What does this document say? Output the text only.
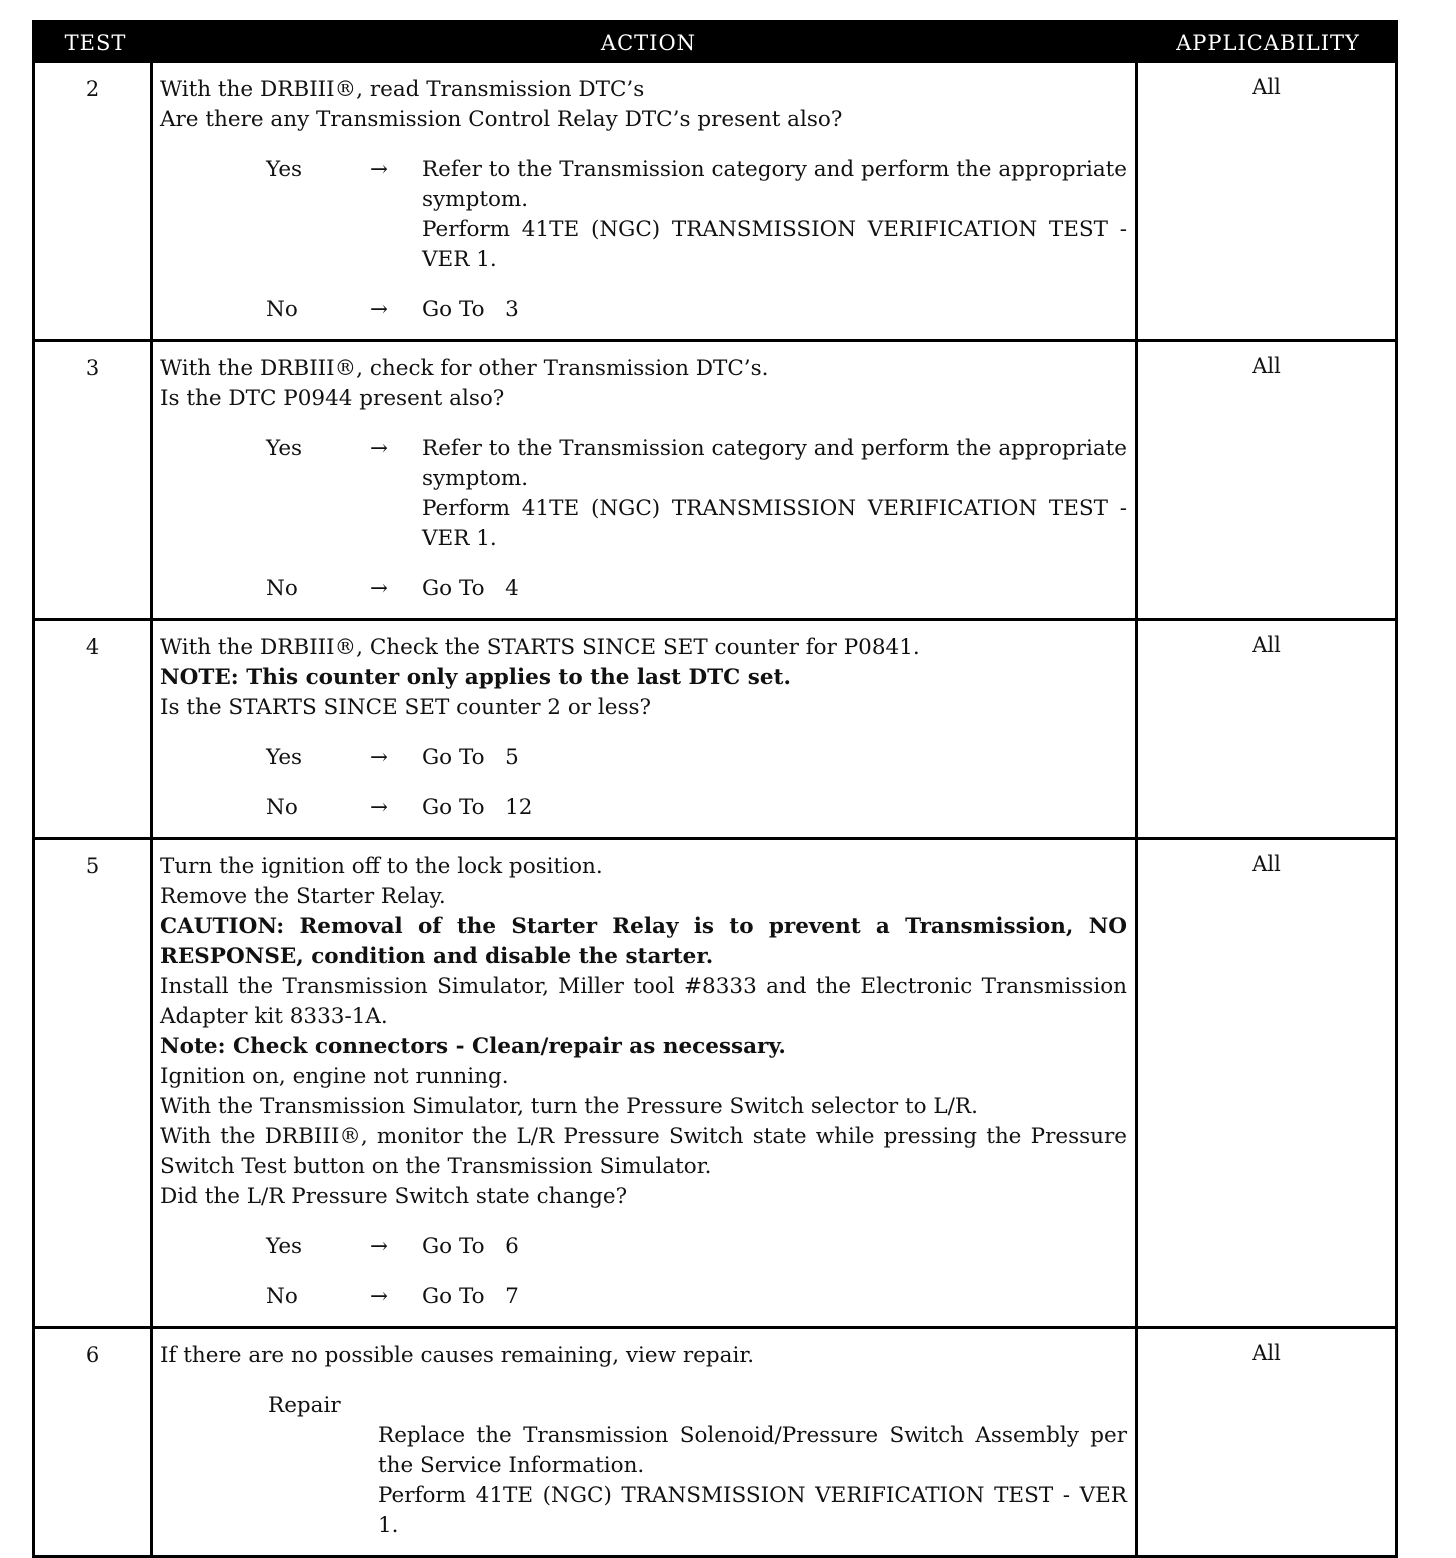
TEST	ACTION	APPLICABILITY
2	With the DRBIII®, read Transmission DTC’s
Are there any Transmission Control Relay DTC’s present also?
Yes	→	Refer to the Transmission category and perform the appropriate symptom.
Perform 41TE (NGC) TRANSMISSION VERIFICATION TEST - VER 1.
No	→	Go To   3
All
3	With the DRBIII®, check for other Transmission DTC’s.
Is the DTC P0944 present also?
Yes	→	Refer to the Transmission category and perform the appropriate symptom.
Perform 41TE (NGC) TRANSMISSION VERIFICATION TEST - VER 1.
No	→	Go To   4
All
4	With the DRBIII®, Check the STARTS SINCE SET counter for P0841.
NOTE: This counter only applies to the last DTC set.
Is the STARTS SINCE SET counter 2 or less?
Yes	→	Go To   5
No	→	Go To   12
All
5	Turn the ignition off to the lock position.
Remove the Starter Relay.
CAUTION: Removal of the Starter Relay is to prevent a Transmission, NO RESPONSE, condition and disable the starter.
Install the Transmission Simulator, Miller tool #8333 and the Electronic Transmission Adapter kit 8333-1A.
Note: Check connectors - Clean/repair as necessary.
Ignition on, engine not running.
With the Transmission Simulator, turn the Pressure Switch selector to L/R.
With the DRBIII®, monitor the L/R Pressure Switch state while pressing the Pressure Switch Test button on the Transmission Simulator.
Did the L/R Pressure Switch state change?
Yes	→	Go To   6
No	→	Go To   7
All
6	If there are no possible causes remaining, view repair.
Repair
Replace the Transmission Solenoid/Pressure Switch Assembly per the Service Information.
Perform 41TE (NGC) TRANSMISSION VERIFICATION TEST - VER 1.
All
